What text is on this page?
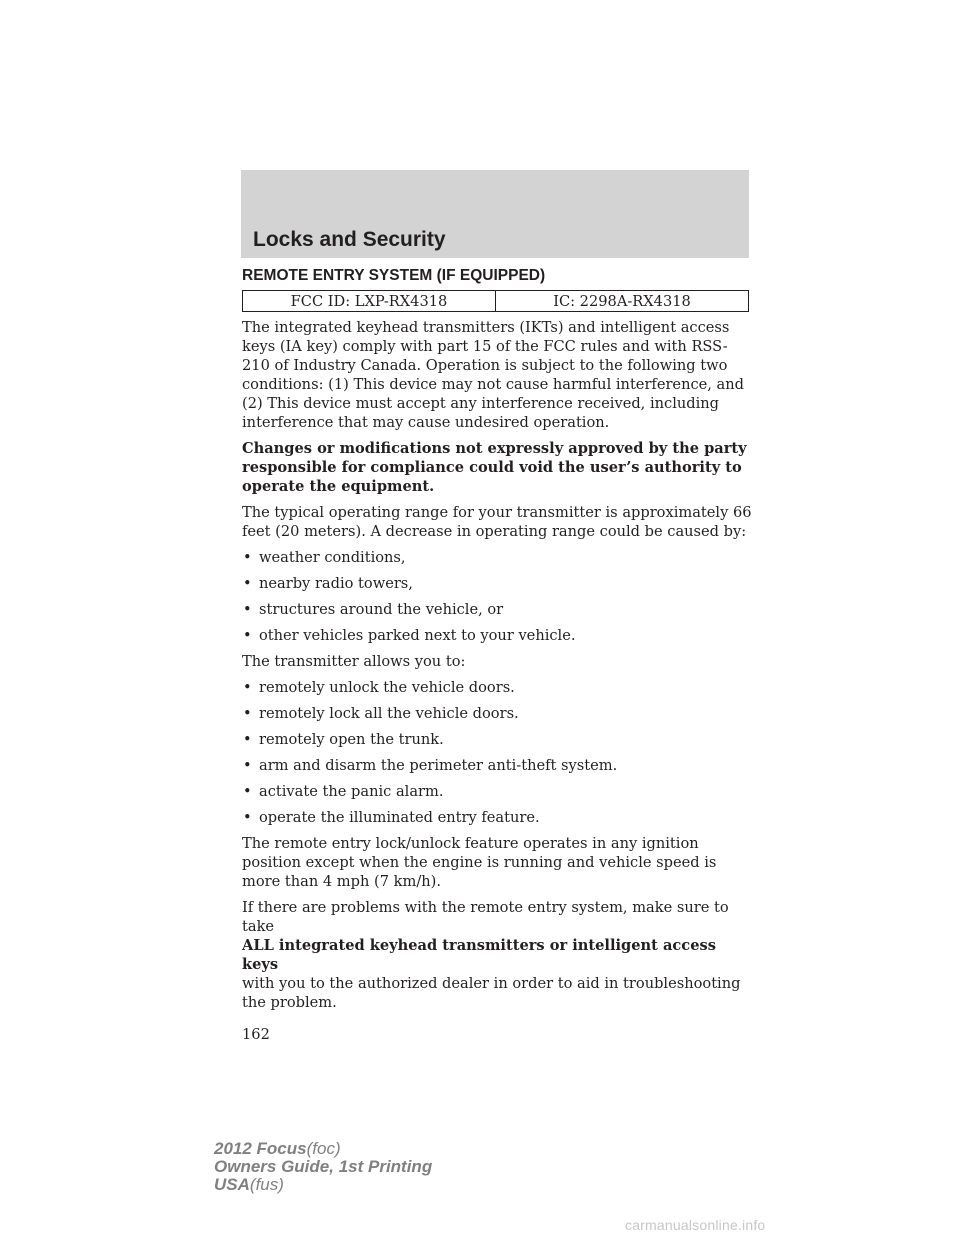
Locks and Security
REMOTE ENTRY SYSTEM (IF EQUIPPED)
FCC ID: LXP-RX4318	IC: 2298A-RX4318

The integrated keyhead transmitters (IKTs) and intelligent access keys (IA key) comply with part 15 of the FCC rules and with RSS-210 of Industry Canada. Operation is subject to the following two conditions: (1) This device may not cause harmful interference, and (2) This device must accept any interference received, including interference that may cause undesired operation.

Changes or modifications not expressly approved by the party responsible for compliance could void the user’s authority to operate the equipment.

The typical operating range for your transmitter is approximately 66 feet (20 meters). A decrease in operating range could be caused by:

• weather conditions,
• nearby radio towers,
• structures around the vehicle, or
• other vehicles parked next to your vehicle.

The transmitter allows you to:

• remotely unlock the vehicle doors.
• remotely lock all the vehicle doors.
• remotely open the trunk.
• arm and disarm the perimeter anti-theft system.
• activate the panic alarm.
• operate the illuminated entry feature.

The remote entry lock/unlock feature operates in any ignition position except when the engine is running and vehicle speed is more than 4 mph (7 km/h).

If there are problems with the remote entry system, make sure to take
ALL integrated keyhead transmitters or intelligent access keys
with you to the authorized dealer in order to aid in troubleshooting the problem.

162
2012 Focus(foc)
Owners Guide, 1st Printing
USA(fus)
carmanualsonline.info
